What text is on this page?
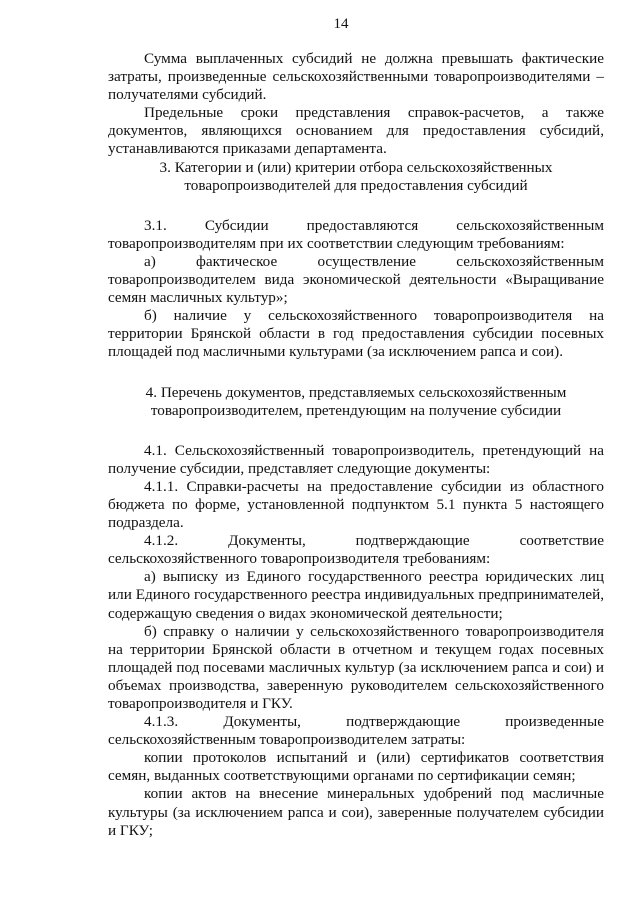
14

Сумма выплаченных субсидий не должна превышать фактические затраты, произведенные сельскохозяйственными товаропроизводителями – получателями субсидий.

Предельные сроки представления справок-расчетов, а также документов, являющихся основанием для предоставления субсидий, устанавливаются приказами департамента.

3. Категории и (или) критерии отбора сельскохозяйственных
товаропроизводителей для предоставления субсидий

3.1. Субсидии предоставляются сельскохозяйственным товаропроизводителям при их соответствии следующим требованиям:

а) фактическое осуществление сельскохозяйственным товаропроизводителем вида экономической деятельности «Выращивание семян масличных культур»;

б) наличие у сельскохозяйственного товаропроизводителя на территории Брянской области в год предоставления субсидии посевных площадей под масличными культурами (за исключением рапса и сои).

4. Перечень документов, представляемых сельскохозяйственным
товаропроизводителем, претендующим на получение субсидии

4.1. Сельскохозяйственный товаропроизводитель, претендующий на получение субсидии, представляет следующие документы:

4.1.1. Справки-расчеты на предоставление субсидии из областного бюджета по форме, установленной подпунктом 5.1 пункта 5 настоящего подраздела.

4.1.2. Документы, подтверждающие соответствие сельскохозяйственного товаропроизводителя требованиям:

а) выписку из Единого государственного реестра юридических лиц или Единого государственного реестра индивидуальных предпринимателей, содержащую сведения о видах экономической деятельности;

б) справку о наличии у сельскохозяйственного товаропроизводителя на территории Брянской области в отчетном и текущем годах посевных площадей под посевами масличных культур (за исключением рапса и сои) и объемах производства, заверенную руководителем сельскохозяйственного товаропроизводителя и ГКУ.

4.1.3. Документы, подтверждающие произведенные сельскохозяйственным товаропроизводителем затраты:

копии протоколов испытаний и (или) сертификатов соответствия семян, выданных соответствующими органами по сертификации семян;

копии актов на внесение минеральных удобрений под масличные культуры (за исключением рапса и сои), заверенные получателем субсидии и ГКУ;
